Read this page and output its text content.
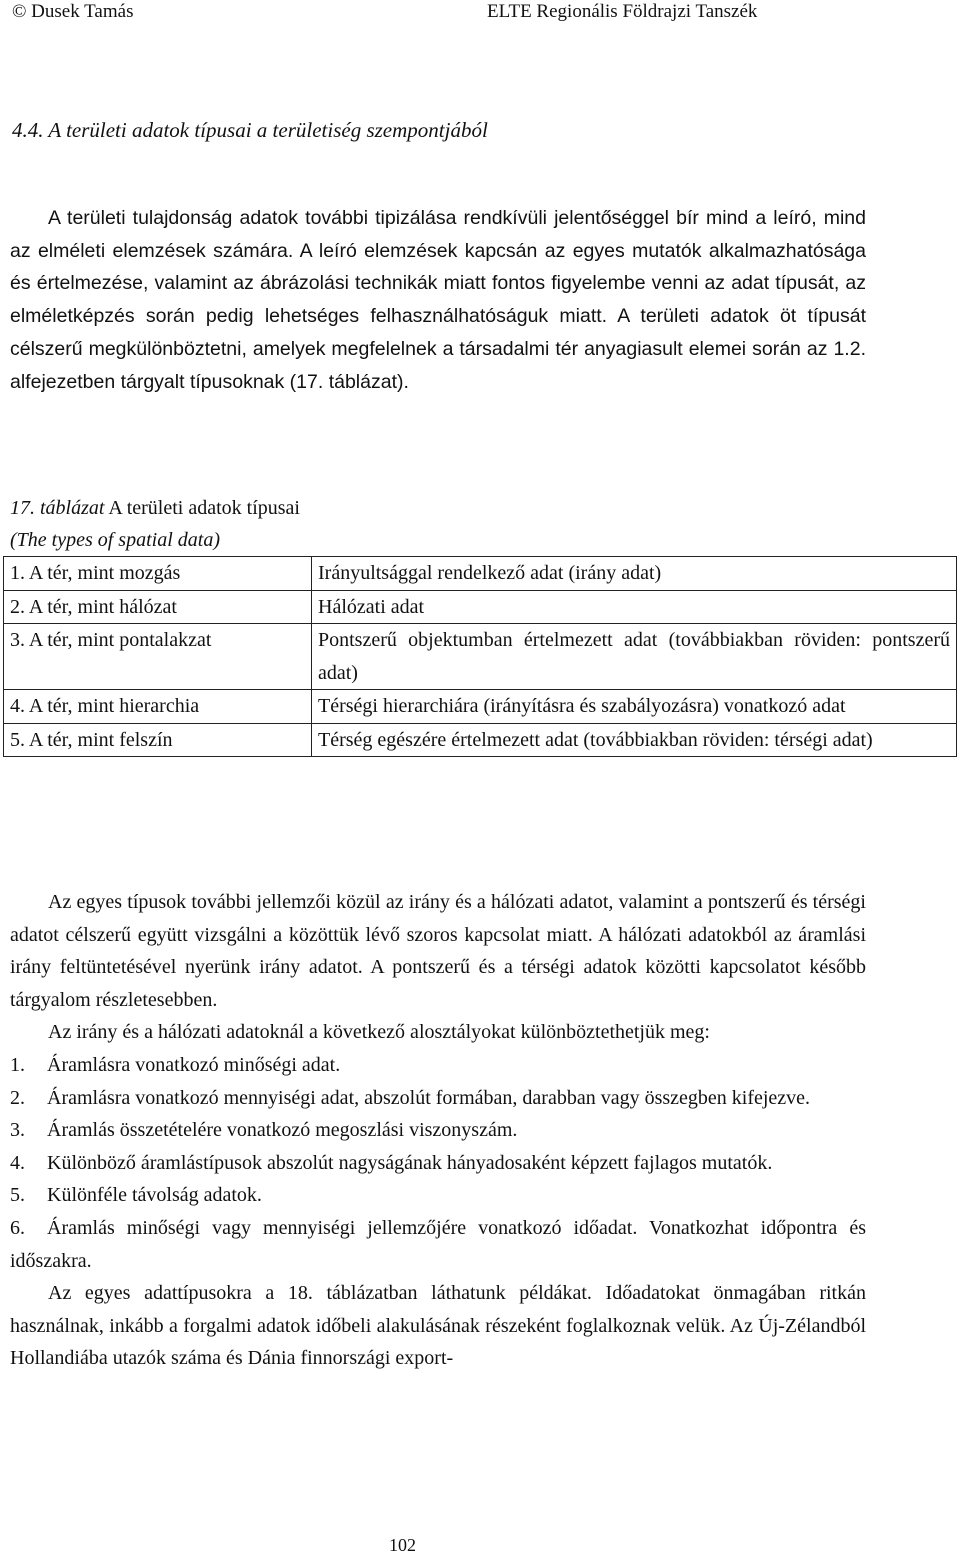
© Dusek Tamás	ELTE Regionális Földrajzi Tanszék
4.4. A területi adatok típusai a területiség szempontjából

A területi tulajdonság adatok további tipizálása rendkívüli jelentőséggel bír mind a leíró, mind az elméleti elemzések számára. A leíró elemzések kapcsán az egyes mutatók alkalmazhatósága és értelmezése, valamint az ábrázolási technikák miatt fontos figyelembe venni az adat típusát, az elméletképzés során pedig lehetséges felhasználhatóságuk miatt. A területi adatok öt típusát célszerű megkülönböztetni, amelyek megfelelnek a társadalmi tér anyagiasult elemei során az 1.2. alfejezetben tárgyalt típusoknak (17. táblázat).

17. táblázat A területi adatok típusai
(The types of spatial data)
1. A tér, mint mozgás	Irányultsággal rendelkező adat (irány adat)
2. A tér, mint hálózat	Hálózati adat
3. A tér, mint pontalakzat	Pontszerű objektumban értelmezett adat (továbbiakban röviden: pontszerű adat)
4. A tér, mint hierarchia	Térségi hierarchiára (irányításra és szabályozásra) vonatkozó adat
5. A tér, mint felszín	Térség egészére értelmezett adat (továbbiakban röviden: térségi adat)

Az egyes típusok további jellemzői közül az irány és a hálózati adatot, valamint a pontszerű és térségi adatot célszerű együtt vizsgálni a közöttük lévő szoros kapcsolat miatt. A hálózati adatokból az áramlási irány feltüntetésével nyerünk irány adatot. A pontszerű és a térségi adatok közötti kapcsolatot később tárgyalom részletesebben.

Az irány és a hálózati adatoknál a következő alosztályokat különböztethetjük meg:

1. Áramlásra vonatkozó minőségi adat.

2. Áramlásra vonatkozó mennyiségi adat, abszolút formában, darabban vagy összegben kifejezve.

3. Áramlás összetételére vonatkozó megoszlási viszonyszám.

4. Különböző áramlástípusok abszolút nagyságának hányadosaként képzett fajlagos mutatók.

5. Különféle távolság adatok.

6. Áramlás minőségi vagy mennyiségi jellemzőjére vonatkozó időadat. Vonatkozhat időpontra és időszakra.

Az egyes adattípusokra a 18. táblázatban láthatunk példákat. Időadatokat önmagában ritkán használnak, inkább a forgalmi adatok időbeli alakulásának részeként foglalkoznak velük. Az Új-Zélandból Hollandiába utazók száma és Dánia finnországi export-

102
